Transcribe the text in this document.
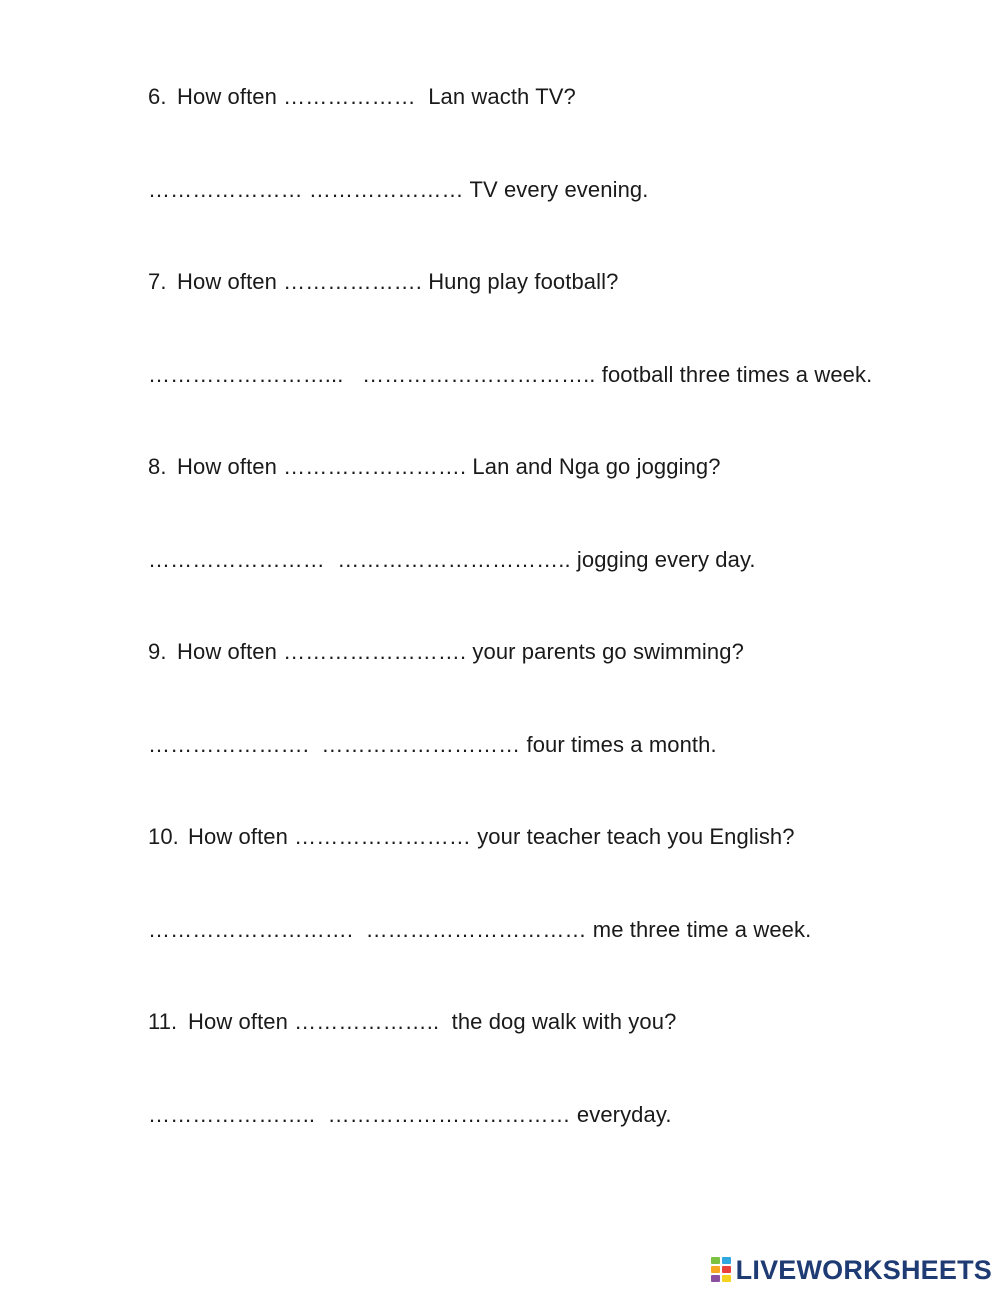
6. How often ………………  Lan wacth TV?
………………… ………………… TV every evening.
7. How often ………………. Hung play football?
……………………... ………………………….. football three times a week.
8. How often ……………………. Lan and Nga go jogging?
…………………… ………………………….. jogging every day.
9. How often ……………………. your parents go swimming?
…………………. ……………………… four times a month.
10. How often …………………… your teacher teach you English?
………………………. ………………………… me three time a week.
11. How often ………………..  the dog walk with you?
………………….. …………………………… everyday.
LIVEWORKSHEETS
